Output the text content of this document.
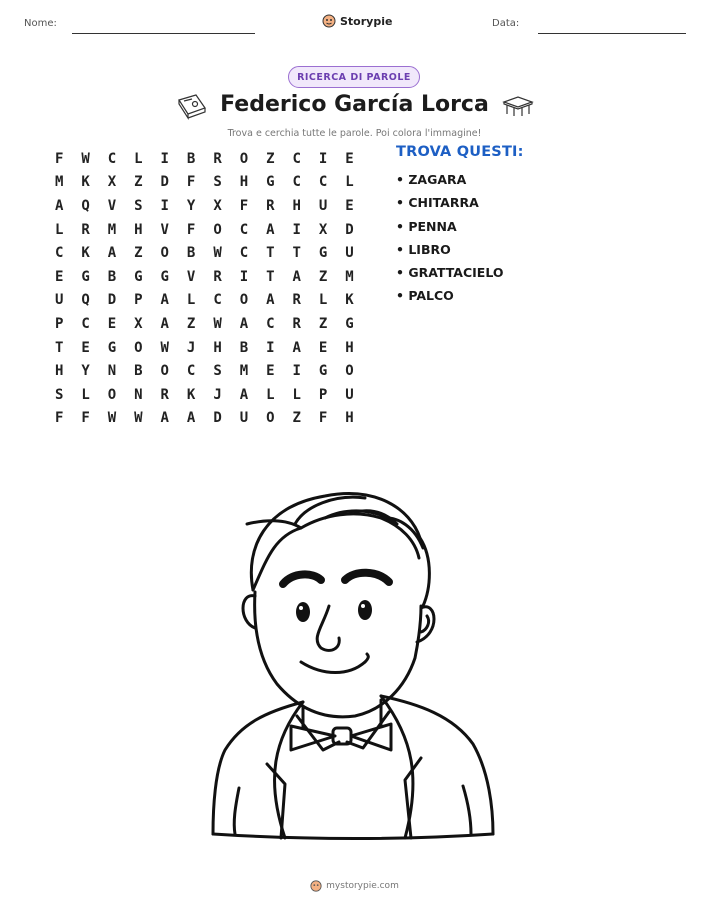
Nome:	Storypie	Data:
RICERCA DI PAROLE
Federico García Lorca
Trova e cerchia tutte le parole. Poi colora l'immagine!
F	W	C	L	I	B	R	O	Z	C	I	E
M	K	X	Z	D	F	S	H	G	C	C	L
A	Q	V	S	I	Y	X	F	R	H	U	E
L	R	M	H	V	F	O	C	A	I	X	D
C	K	A	Z	O	B	W	C	T	T	G	U
E	G	B	G	G	V	R	I	T	A	Z	M
U	Q	D	P	A	L	C	O	A	R	L	K
P	C	E	X	A	Z	W	A	C	R	Z	G
T	E	G	O	W	J	H	B	I	A	E	H
H	Y	N	B	O	C	S	M	E	I	G	O
S	L	O	N	R	K	J	A	L	L	P	U
F	F	W	W	A	A	D	U	O	Z	F	H
TROVA QUESTI:
• ZAGARA
• CHITARRA
• PENNA
• LIBRO
• GRATTACIELO
• PALCO
mystorypie.com
